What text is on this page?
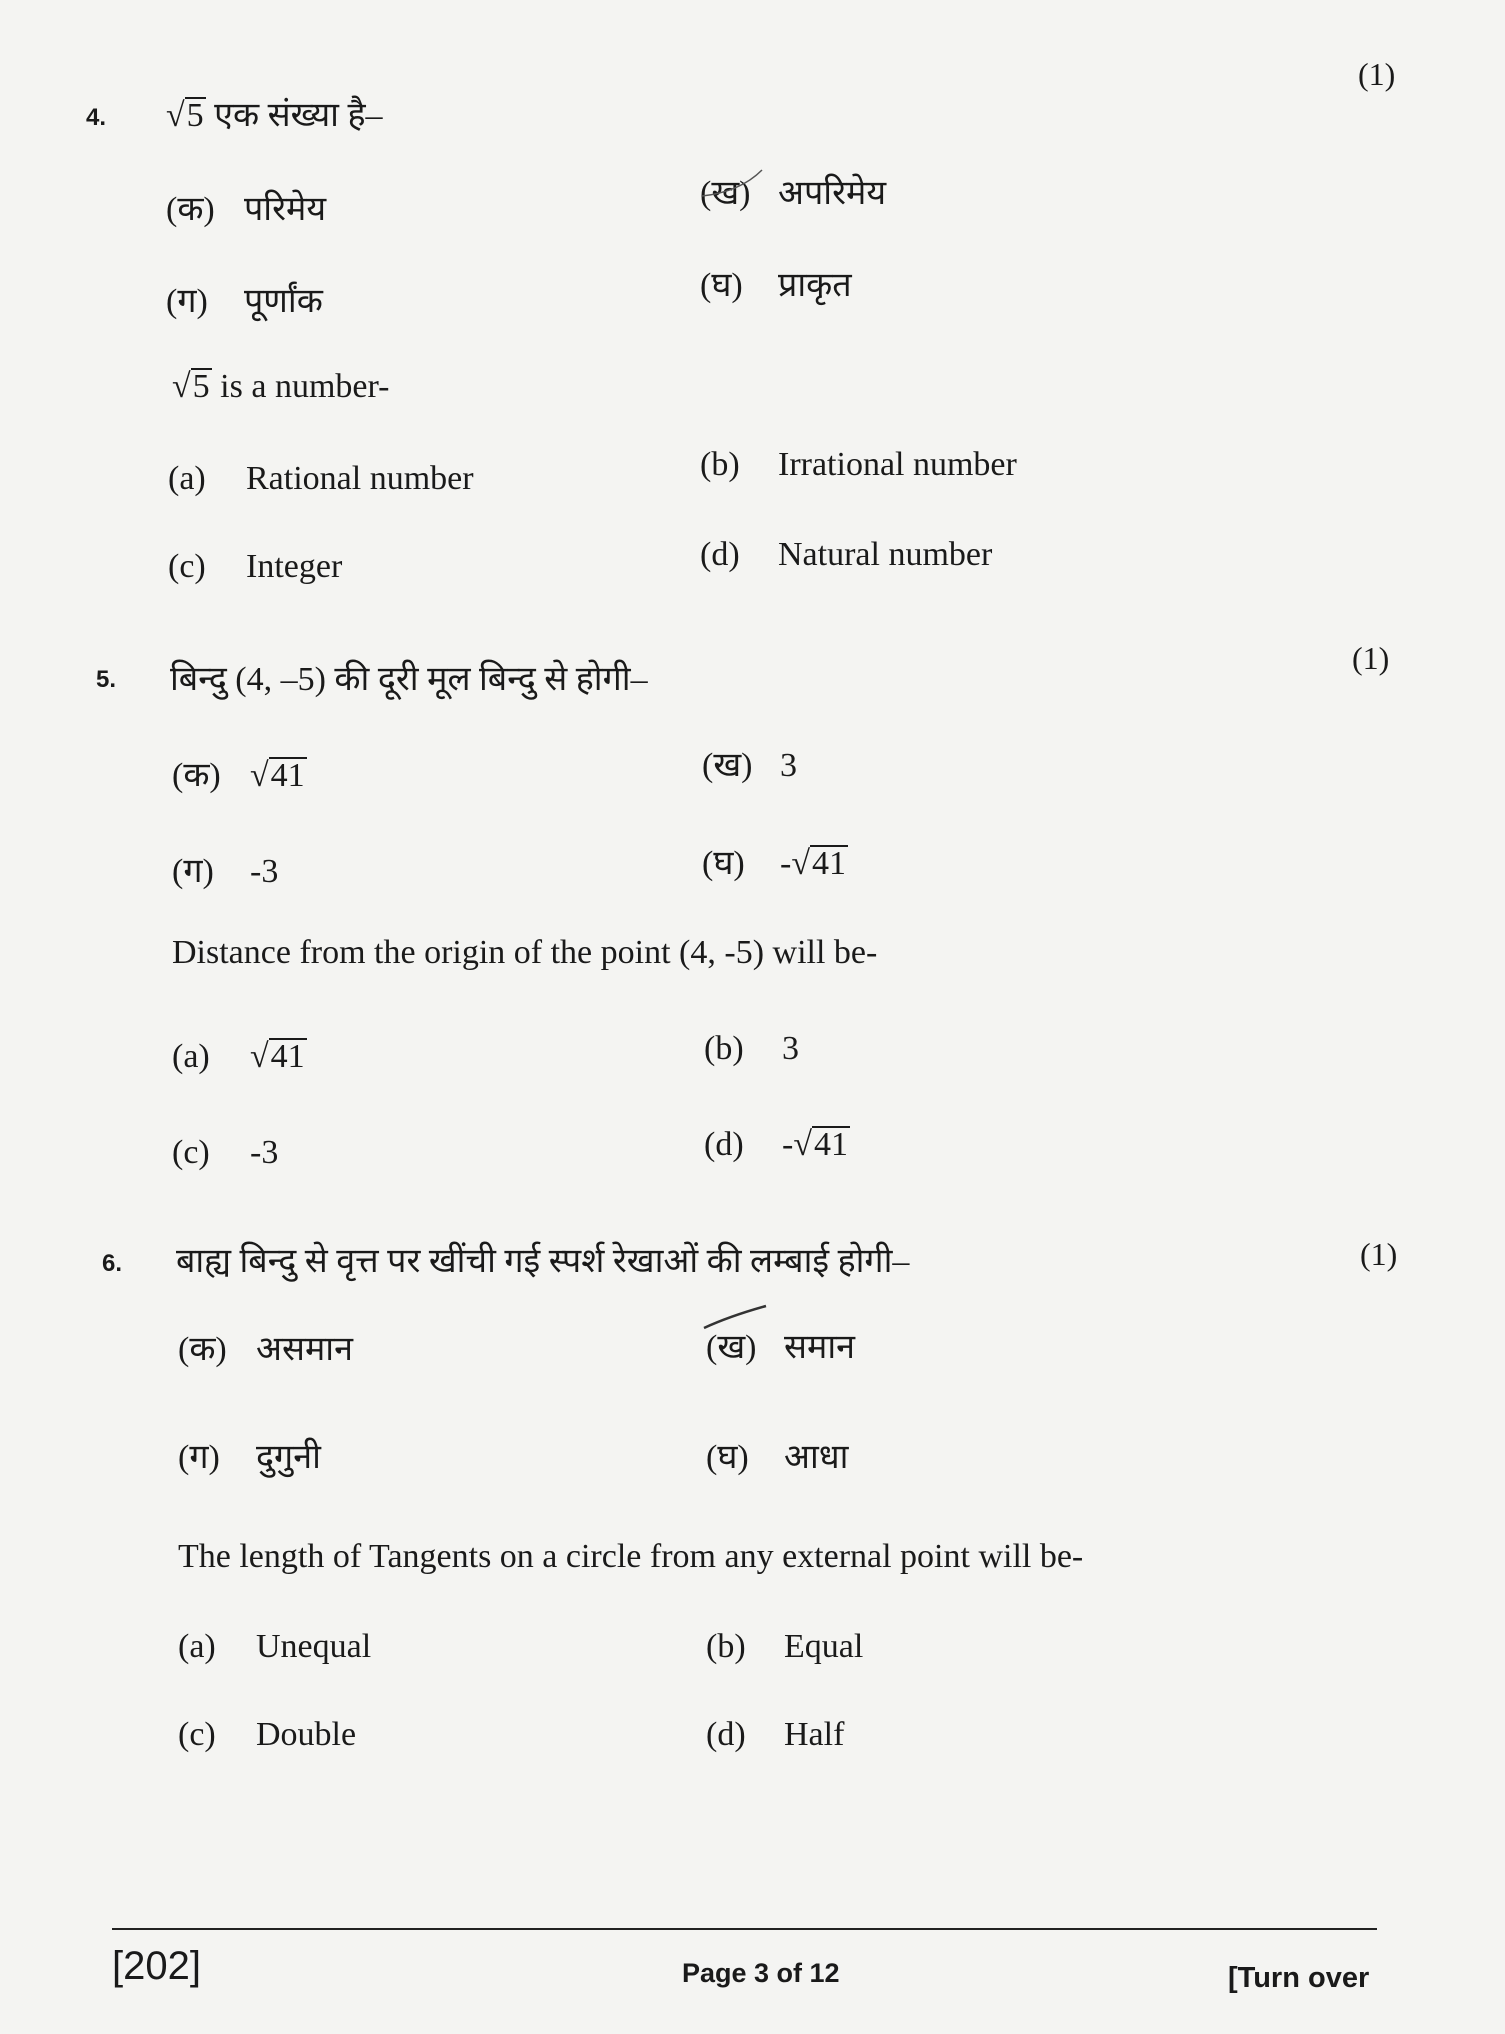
4.
(1)
√ 5 एक संख्या है–
(क) परिमेय	(ख) अपरिमेय
(ग)	पूर्णांक	(घ)	प्राकृत
√ 5 is a number-
(a)	Rational number	(b)	Irrational number
(c)	Integer	(d)	Natural number
5.
(1)
बिन्दु (4, –5) की दूरी मूल बिन्दु से होगी–
(क) √ 41	(ख) 3
(ग)	-3	(घ)	- √ 41
Distance from the origin of the point (4, -5) will be-
(a)	√ 41	(b)	3
(c)	-3	(d)	- √ 41
6.	(1)
बाह्य बिन्दु से वृत्त पर खींची गई स्पर्श रेखाओं की लम्बाई होगी–
(क) असमान	(ख) समान
(ग)	दुगुनी	(घ)	आधा
The length of Tangents on a circle from any external point will be-
(a)	Unequal	(b)	Equal
(c)	Double	(d)	Half
[202]	Page 3 of 12	[Turn over
